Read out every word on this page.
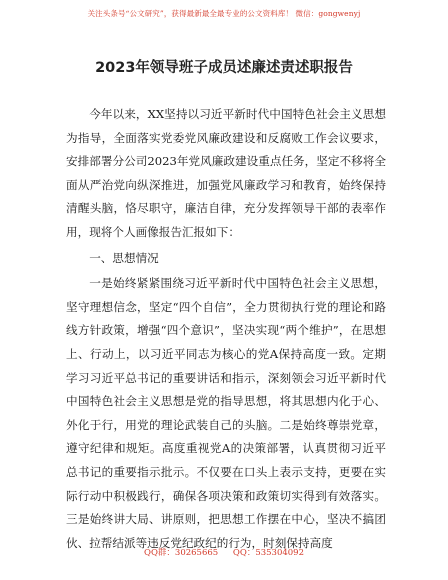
关注头条号“公文研究”，获得最新最全最专业的公文资料库！ 微信：gongwenyj
2023年领导班子成员述廉述责述职报告

今年以来，XX坚持以习近平新时代中国特色社会主义思想为指导，全面落实党委党风廉政建设和反腐败工作会议要求，安排部署分公司2023年党风廉政建设重点任务，坚定不移将全面从严治党向纵深推进，加强党风廉政学习和教育，始终保持清醒头脑，恪尽职守，廉洁自律，充分发挥领导干部的表率作用，现将个人画像报告汇报如下：

一、思想情况

一是始终紧紧围绕习近平新时代中国特色社会主义思想，坚守理想信念，坚定“四个自信”，全力贯彻执行党的理论和路线方针政策，增强“四个意识”，坚决实现“两个维护”，在思想上、行动上，以习近平同志为核心的党A保持高度一致。定期学习习近平总书记的重要讲话和指示，深刻领会习近平新时代中国特色社会主义思想是党的指导思想，将其思想内化于心、外化于行，用党的理论武装自己的头脑。二是始终尊崇党章，遵守纪律和规矩。高度重视党A的决策部署，认真贯彻习近平总书记的重要指示批示。不仅要在口头上表示支持，更要在实际行动中积极践行，确保各项决策和政策切实得到有效落实。三是始终讲大局、讲原则，把思想工作摆在中心，坚决不搞团伙、拉帮结派等违反党纪政纪的行为，时刻保持高度

QQ群：30265665 QQ：535304092
